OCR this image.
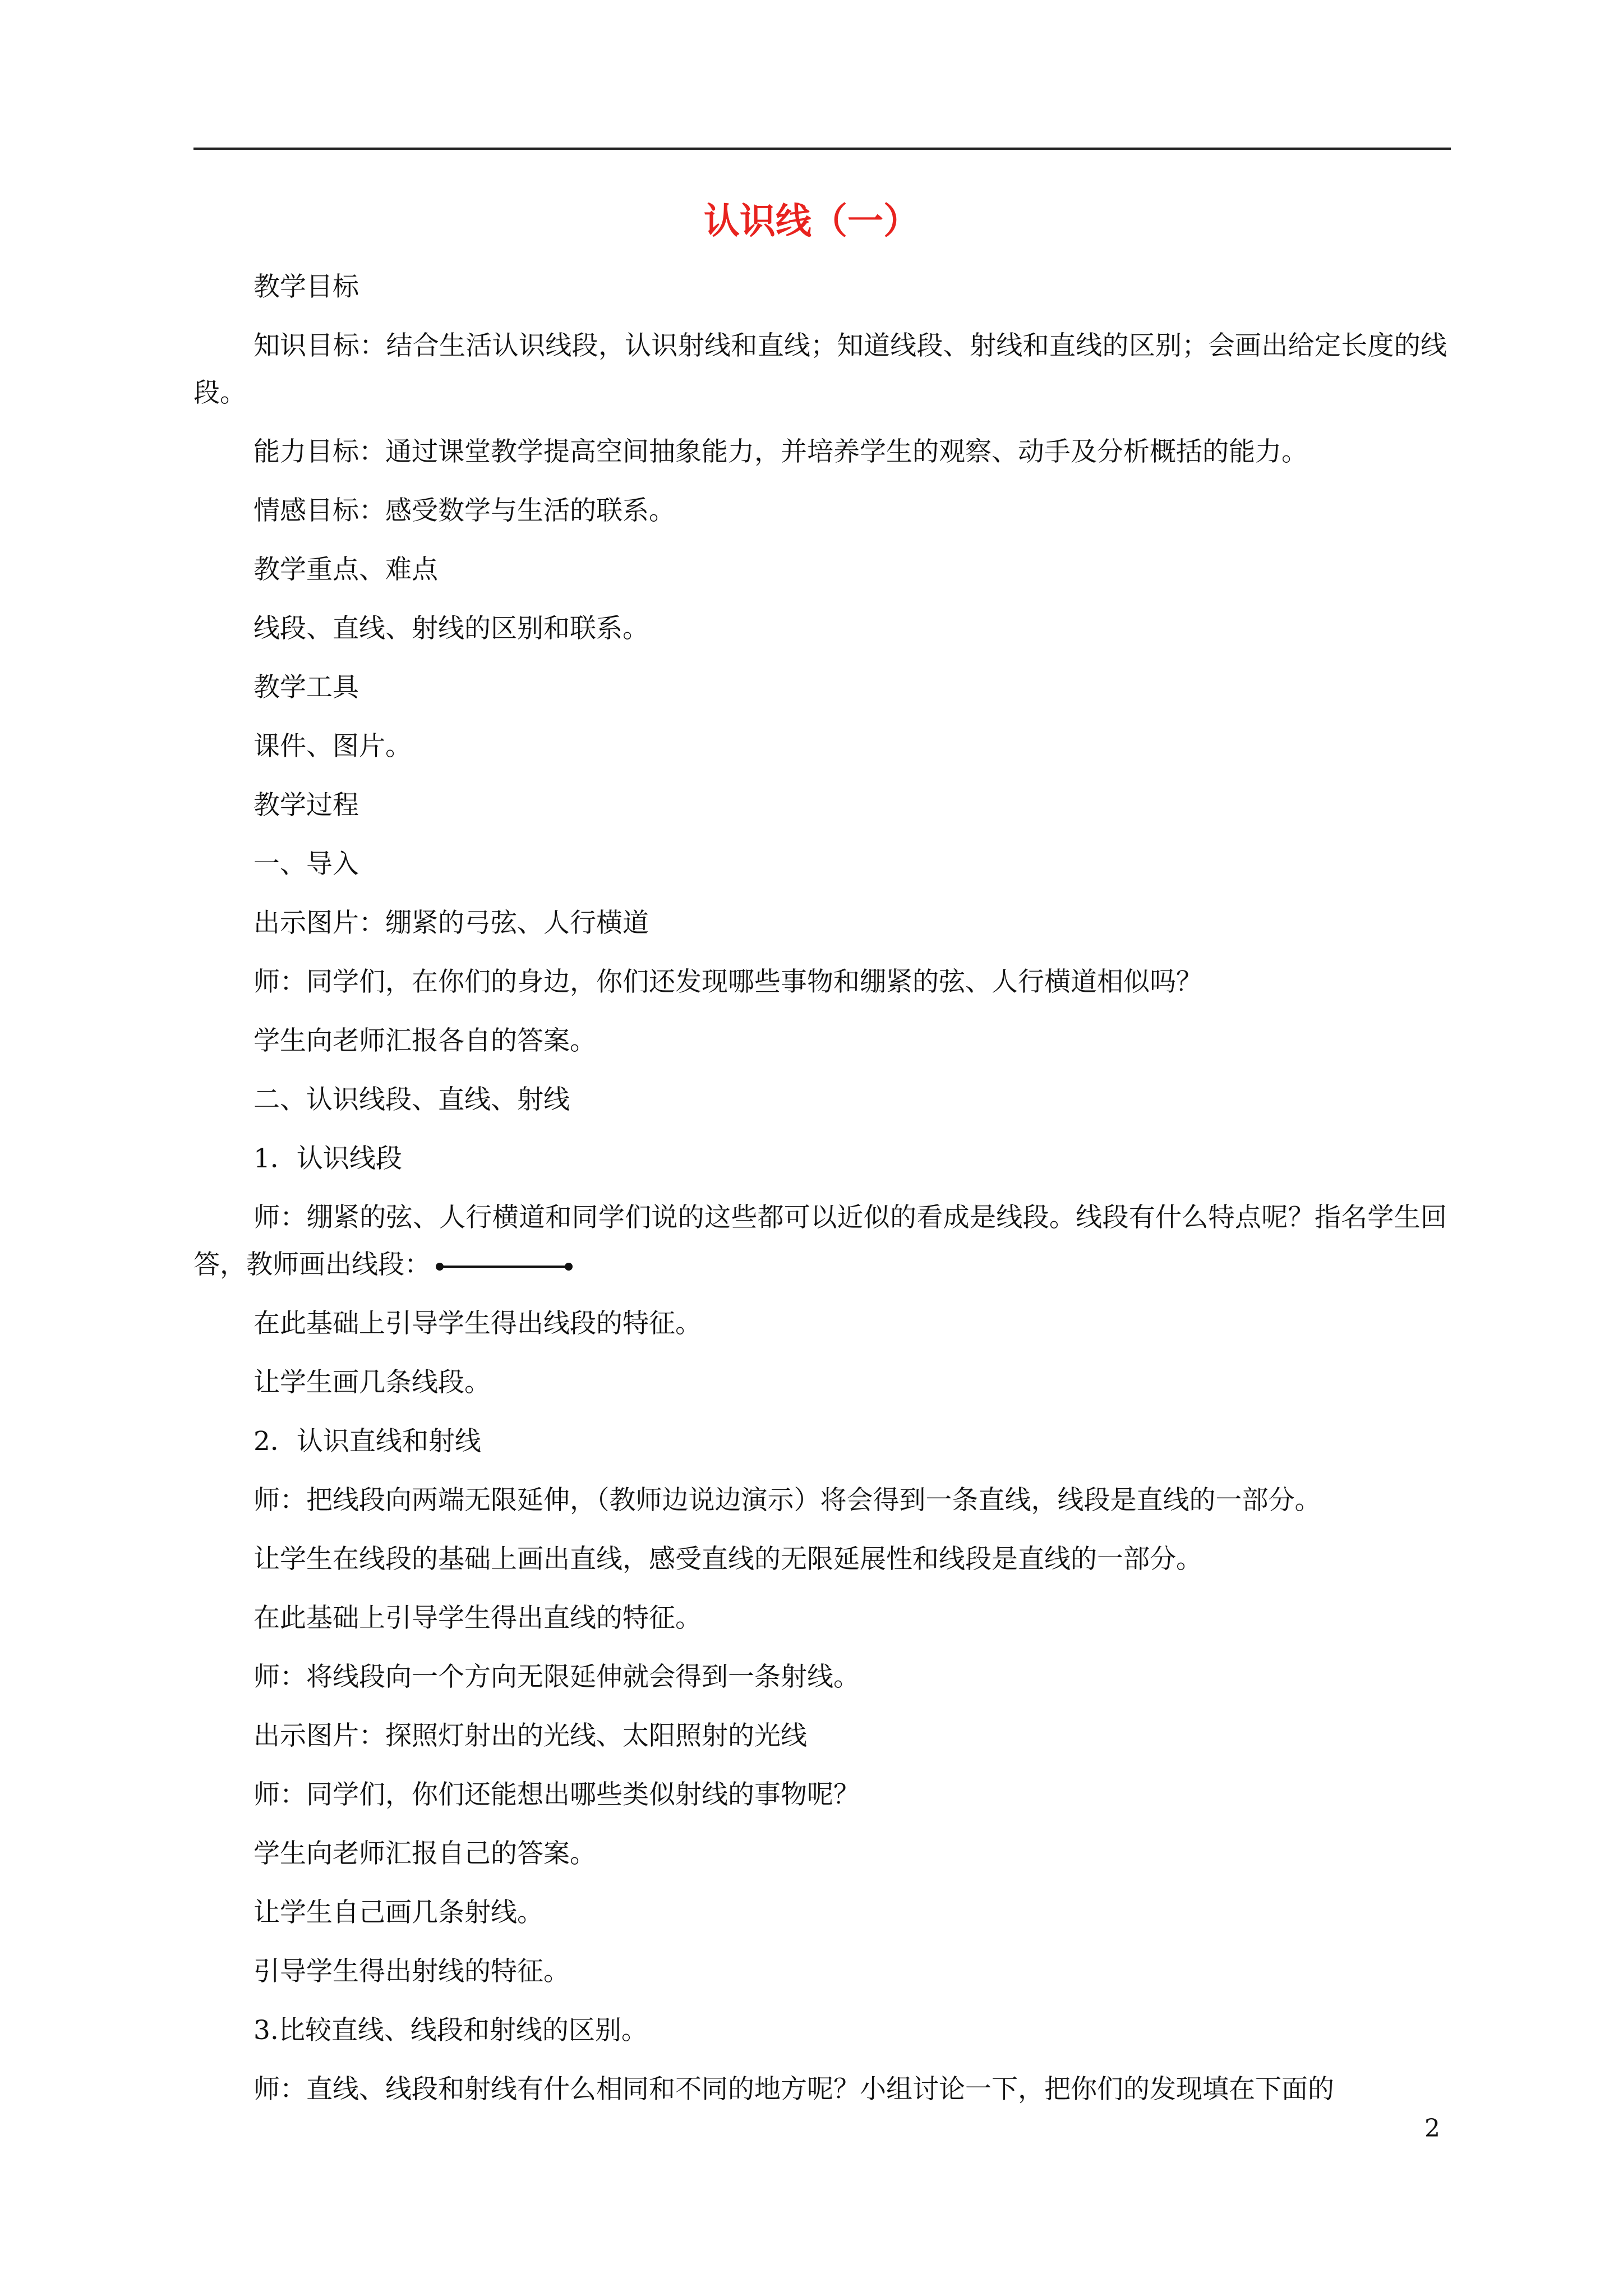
认识线（一）

教学目标

知识目标：结合生活认识线段，认识射线和直线；知道线段、射线和直线的区别；会画出给定长度的线段。

能力目标：通过课堂教学提高空间抽象能力，并培养学生的观察、动手及分析概括的能力。

情感目标：感受数学与生活的联系。

教学重点、难点

线段、直线、射线的区别和联系。

教学工具

课件、图片。

教学过程

一、导入

出示图片：绷紧的弓弦、人行横道

师：同学们，在你们的身边，你们还发现哪些事物和绷紧的弦、人行横道相似吗？

学生向老师汇报各自的答案。

二、认识线段、直线、射线

1．认识线段

师：绷紧的弦、人行横道和同学们说的这些都可以近似的看成是线段。线段有什么特点呢？指名学生回答，教师画出线段：

在此基础上引导学生得出线段的特征。

让学生画几条线段。

2．认识直线和射线

师：把线段向两端无限延伸，（教师边说边演示）将会得到一条直线，线段是直线的一部分。

让学生在线段的基础上画出直线，感受直线的无限延展性和线段是直线的一部分。

在此基础上引导学生得出直线的特征。

师：将线段向一个方向无限延伸就会得到一条射线。

出示图片：探照灯射出的光线、太阳照射的光线

师：同学们，你们还能想出哪些类似射线的事物呢？

学生向老师汇报自己的答案。

让学生自己画几条射线。

引导学生得出射线的特征。

3.比较直线、线段和射线的区别。

师：直线、线段和射线有什么相同和不同的地方呢？小组讨论一下，把你们的发现填在下面的

2
